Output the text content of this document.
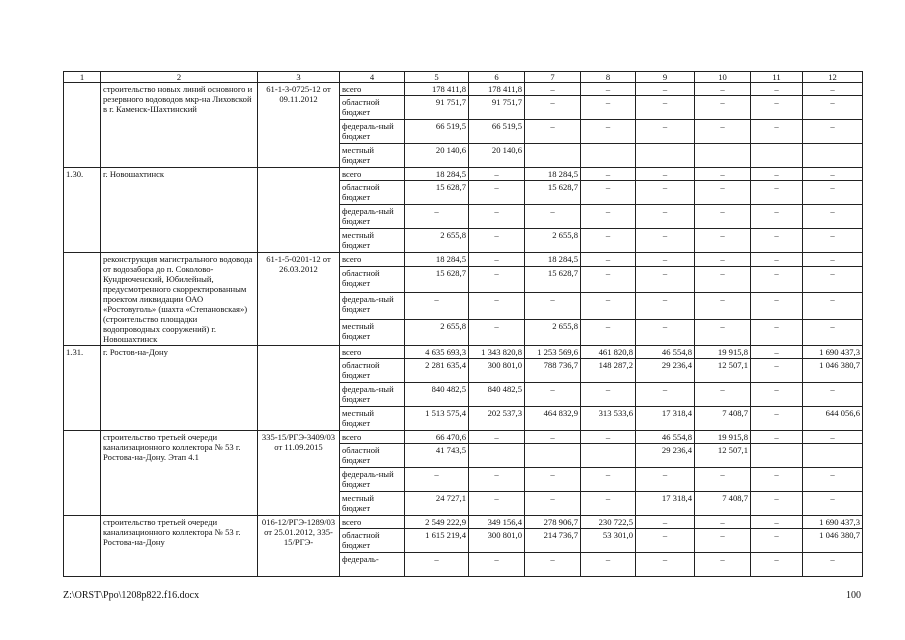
1	2	3	4	5	6	7	8	9	10	11	12
	строительство новых линий основного и резервного водоводов мкр-на Лиховской в г. Каменск-Шахтинский	61-1-3-0725-12 от 09.11.2012	всего	178 411,8	178 411,8	–	–	–	–	–	–
			областной бюджет	91 751,7	91 751,7	–	–	–	–	–	–
			федераль-ный бюджет	66 519,5	66 519,5	–	–	–	–	–	–
			местный бюджет	20 140,6	20 140,6						
1.30.	г. Новошахтинск		всего	18 284,5	–	18 284,5	–	–	–	–	–
			областной бюджет	15 628,7	–	15 628,7	–	–	–	–	–
			федераль-ный бюджет	–	–	–	–	–	–	–	–
			местный бюджет	2 655,8	–	2 655,8	–	–	–	–	–
	реконструкция магистрального водовода от водозабора до п. Соколово-Кундрюченский, Юбилейный, предусмотренного скорректированным проектом ликвидации ОАО «Ростовуголь» (шахта «Степановская») (строительство площадки водопроводных сооружений) г. Новошахтинск	61-1-5-0201-12 от 26.03.2012	всего	18 284,5	–	18 284,5	–	–	–	–	–
			областной бюджет	15 628,7	–	15 628,7	–	–	–	–	–
			федераль-ный бюджет	–	–	–	–	–	–	–	–
			местный бюджет	2 655,8	–	2 655,8	–	–	–	–	–
1.31.	г. Ростов-на-Дону		всего	4 635 693,3	1 343 820,8	1 253 569,6	461 820,8	46 554,8	19 915,8	–	1 690 437,3
			областной бюджет	2 281 635,4	300 801,0	788 736,7	148 287,2	29 236,4	12 507,1	–	1 046 380,7
			федераль-ный бюджет	840 482,5	840 482,5	–	–	–	–	–	–
			местный бюджет	1 513 575,4	202 537,3	464 832,9	313 533,6	17 318,4	7 408,7	–	644 056,6
	строительство третьей очереди канализационного коллектора № 53 г. Ростова-на-Дону. Этап 4.1	335-15/РГЭ-3409/03 от 11.09.2015	всего	66 470,6	–	–	–	46 554,8	19 915,8	–	–
			областной бюджет	41 743,5				29 236,4	12 507,1		
			федераль-ный бюджет	–	–	–	–	–	–	–	–
			местный бюджет	24 727,1	–	–	–	17 318,4	7 408,7	–	–
	строительство третьей очереди канализационного коллектора № 53 г. Ростова-на-Дону	016-12/РГЭ-1289/03 от 25.01.2012, 335-15/РГЭ-	всего	2 549 222,9	349 156,4	278 906,7	230 722,5	–	–	–	1 690 437,3
			областной бюджет	1 615 219,4	300 801,0	214 736,7	53 301,0	–	–	–	1 046 380,7
			федераль-	–	–	–	–	–	–	–	–
Z:\ORST\Ppo\1208p822.f16.docx	100
